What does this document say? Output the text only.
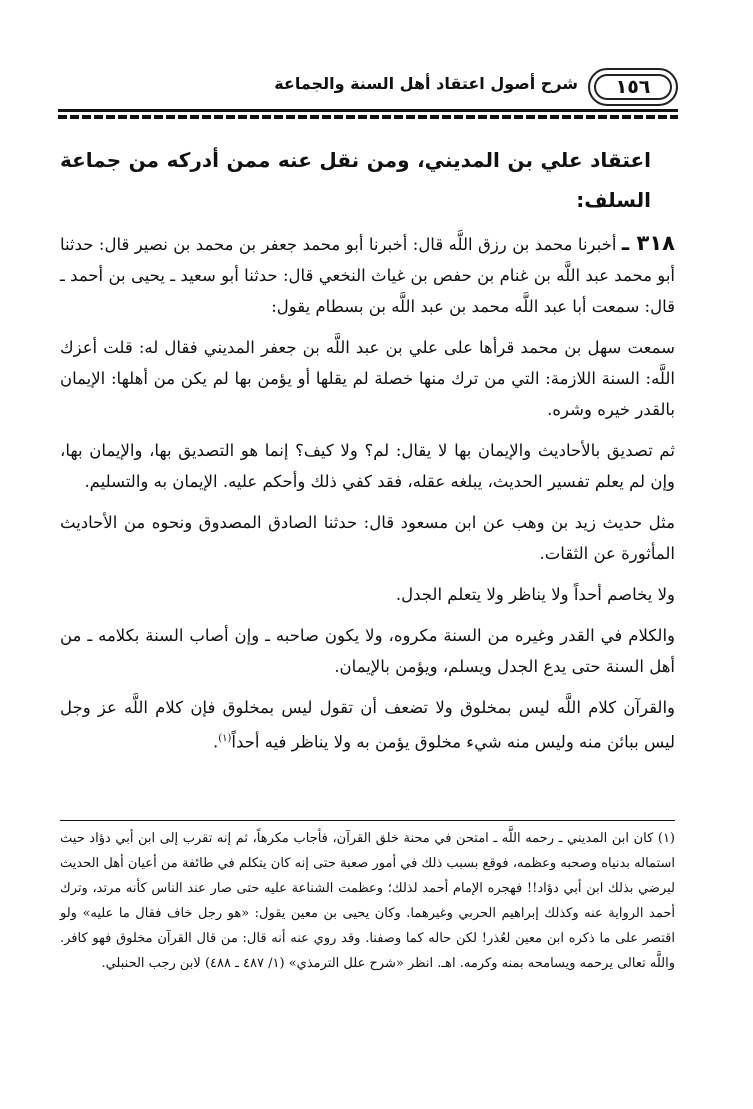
١٥٦
شرح أصول اعتقاد أهل السنة والجماعة
اعتقاد علي بن المديني، ومن نقل عنه ممن أدركه من جماعة السلف:

٣١٨ ـ أخبرنا محمد بن رزق اللَّه قال: أخبرنا أبو محمد جعفر بن محمد بن نصير قال: حدثنا أبو محمد عبد اللَّه بن غنام بن حفص بن غياث النخعي قال: حدثنا أبو سعيد ـ يحيى بن أحمد ـ قال: سمعت أبا عبد اللَّه محمد بن عبد اللَّه بن بسطام يقول:

سمعت سهل بن محمد قرأها على علي بن عبد اللَّه بن جعفر المديني فقال له: قلت أعزك اللَّه: السنة اللازمة: التي من ترك منها خصلة لم يقلها أو يؤمن بها لم يكن من أهلها: الإيمان بالقدر خيره وشره.

ثم تصديق بالأحاديث والإيمان بها لا يقال: لم؟ ولا كيف؟ إنما هو التصديق بها، والإيمان بها، وإن لم يعلم تفسير الحديث، يبلغه عقله، فقد كفي ذلك وأحكم عليه. الإيمان به والتسليم.

مثل حديث زيد بن وهب عن ابن مسعود قال: حدثنا الصادق المصدوق ونحوه من الأحاديث المأثورة عن الثقات.

ولا يخاصم أحداً ولا يناظر ولا يتعلم الجدل.

والكلام في القدر وغيره من السنة مكروه، ولا يكون صاحبه ـ وإن أصاب السنة بكلامه ـ من أهل السنة حتى يدع الجدل ويسلم، ويؤمن بالإيمان.

والقرآن كلام اللَّه ليس بمخلوق ولا تضعف أن تقول ليس بمخلوق فإن كلام اللَّه عز وجل ليس ببائن منه وليس منه شيء مخلوق يؤمن به ولا يناظر فيه أحداً$^{(١)}$.

(١) كان ابن المديني ـ رحمه اللَّه ـ امتحن في محنة خلق القرآن، فأجاب مكرهاً، ثم إنه تقرب إلى ابن أبي دؤاد حيث استماله بدنياه وصحبه وعظمه، فوقع بسبب ذلك في أمور صعبة حتى إنه كان يتكلم في طائفة من أعيان أهل الحديث ليرضي بذلك ابن أبي دؤاد!! فهجره الإمام أحمد لذلك؛ وعظمت الشناعة عليه حتى صار عند الناس كأنه مرتد، وترك أحمد الرواية عنه وكذلك إبراهيم الحربي وغيرهما. وكان يحيى بن معين يقول: «هو رجل خاف فقال ما عليه» ولو اقتصر على ما ذكره ابن معين لعُذر! لكن حاله كما وصفنا. وقد روي عنه أنه قال: من قال القرآن مخلوق فهو كافر. واللَّه تعالى يرحمه ويسامحه بمنه وكرمه. اهـ. انظر «شرح علل الترمذي» (١/ ٤٨٧ ـ ٤٨٨) لابن رجب الحنبلي.
